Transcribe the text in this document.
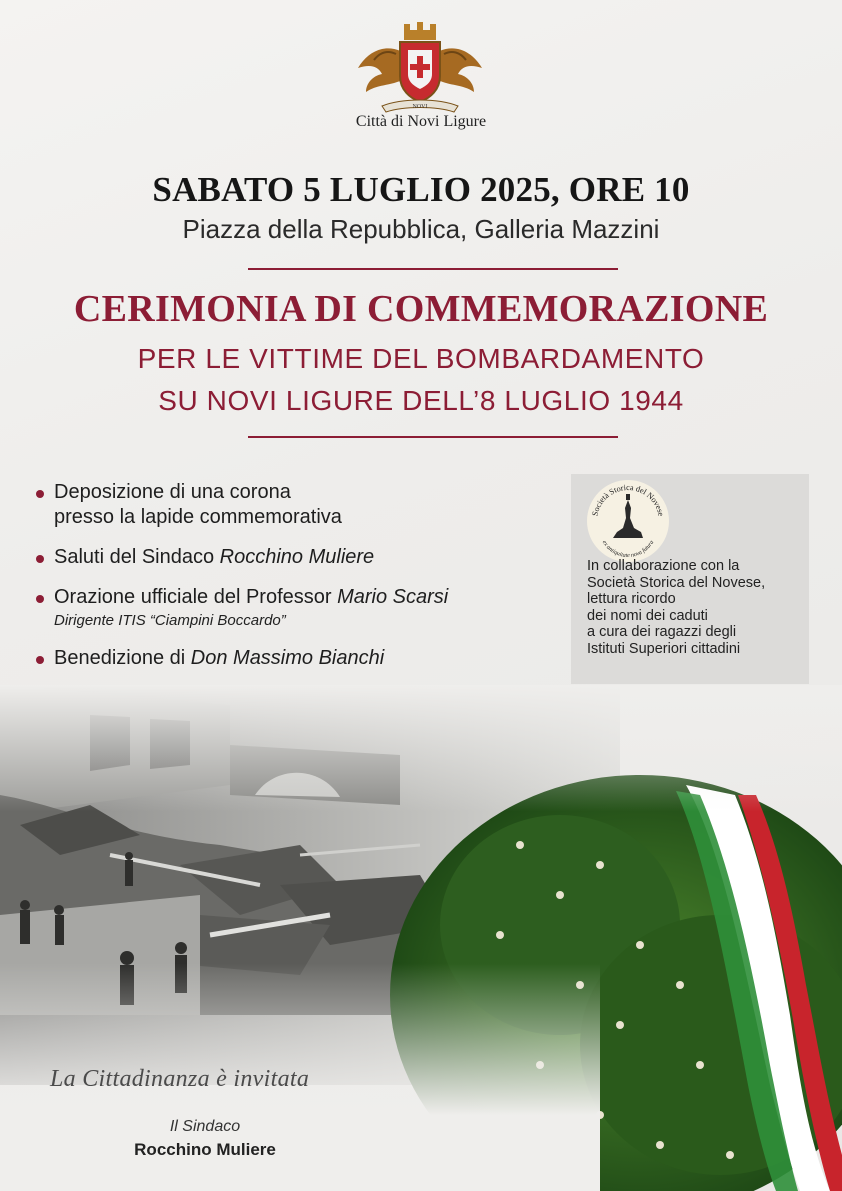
NOVI
Città di Novi Ligure
SABATO 5 LUGLIO 2025, ORE 10
Piazza della Repubblica, Galleria Mazzini
CERIMONIA DI COMMEMORAZIONE
PER LE VITTIME DEL BOMBARDAMENTO
SU NOVI LIGURE DELL’8 LUGLIO 1944
Deposizione di una corona
presso la lapide commemorativa
Saluti del Sindaco Rocchino Muliere
Orazione ufficiale del Professor Mario Scarsi
Dirigente ITIS “Ciampini Boccardo”
Benedizione di Don Massimo Bianchi
Società Storica del Novese
ex antiquitate nova futura
In collaborazione con la
Società Storica del Novese,
lettura ricordo
dei nomi dei caduti
a cura dei ragazzi degli
Istituti Superiori cittadini
La Cittadinanza è invitata
Il Sindaco
Rocchino Muliere
